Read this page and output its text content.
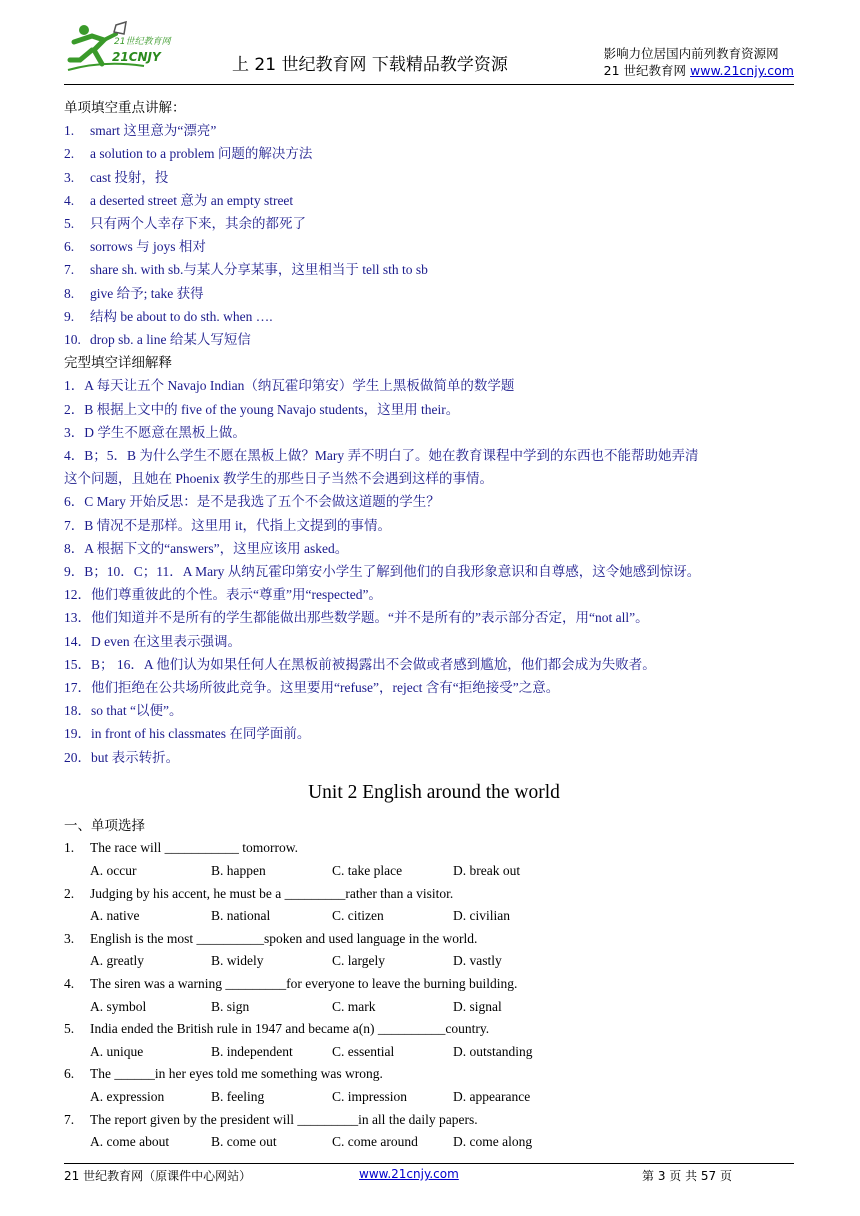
21世纪教育网
21CNJY	上 21 世纪教育网 下载精品教学资源
影响力位居国内前列教育资源网
21 世纪教育网 www.21cnjy.com
单项填空重点讲解：
1. smart 这里意为“漂亮”
2. a solution to a problem 问题的解决方法
3. cast 投射，投
4. a deserted street 意为 an empty street
5. 只有两个人幸存下来，其余的都死了
6. sorrows 与 joys 相对
7. share sh. with sb.与某人分享某事，这里相当于 tell sth to sb
8. give 给予; take 获得
9. 结构 be about to do sth. when ….
10. drop sb. a line 给某人写短信
完型填空详细解释
1．A 每天让五个 Navajo Indian（纳瓦霍印第安）学生上黑板做简单的数学题
2．B 根据上文中的 five of the young Navajo students，这里用 their。
3．D 学生不愿意在黑板上做。
4．B；5．B 为什么学生不愿在黑板上做？Mary 弄不明白了。她在教育课程中学到的东西也不能帮助她弄清
这个问题，且她在 Phoenix 教学生的那些日子当然不会遇到这样的事情。
6．C Mary 开始反思：是不是我选了五个不会做这道题的学生？
7．B 情况不是那样。这里用 it，代指上文提到的事情。
8．A 根据下文的“answers”，这里应该用 asked。
9．B；10．C；11．A Mary 从纳瓦霍印第安小学生了解到他们的自我形象意识和自尊感，这令她感到惊讶。
12．他们尊重彼此的个性。表示“尊重”用“respected”。
13．他们知道并不是所有的学生都能做出那些数学题。“并不是所有的”表示部分否定，用“not all”。
14．D even 在这里表示强调。
15．B； 16．A 他们认为如果任何人在黑板前被揭露出不会做或者感到尴尬，他们都会成为失败者。
17．他们拒绝在公共场所彼此竞争。这里要用“refuse”，reject 含有“拒绝接受”之意。
18．so that “以便”。
19．in front of his classmates 在同学面前。
20．but 表示转折。
Unit 2 English around the world
一、单项选择
1. The race will ___________ tomorrow.
A. occur	B. happen	C. take place	D. break out
2. Judging by his accent, he must be a _________rather than a visitor.
A. native	B. national	C. citizen	D. civilian
3. English is the most __________spoken and used language in the world.
A. greatly	B. widely	C. largely	D. vastly
4. The siren was a warning _________for everyone to leave the burning building.
A. symbol	B. sign	C. mark	D. signal
5. India ended the British rule in 1947 and became a(n) __________country.
A. unique	B. independent	C. essential	D. outstanding
6. The ______in her eyes told me something was wrong.
A. expression	B. feeling	C. impression	D. appearance
7. The report given by the president will _________in all the daily papers.
A. come about	B. come out	C. come around	D. come along
21 世纪教育网（原课件中心网站）	www.21cnjy.com	第 3 页 共 57 页
